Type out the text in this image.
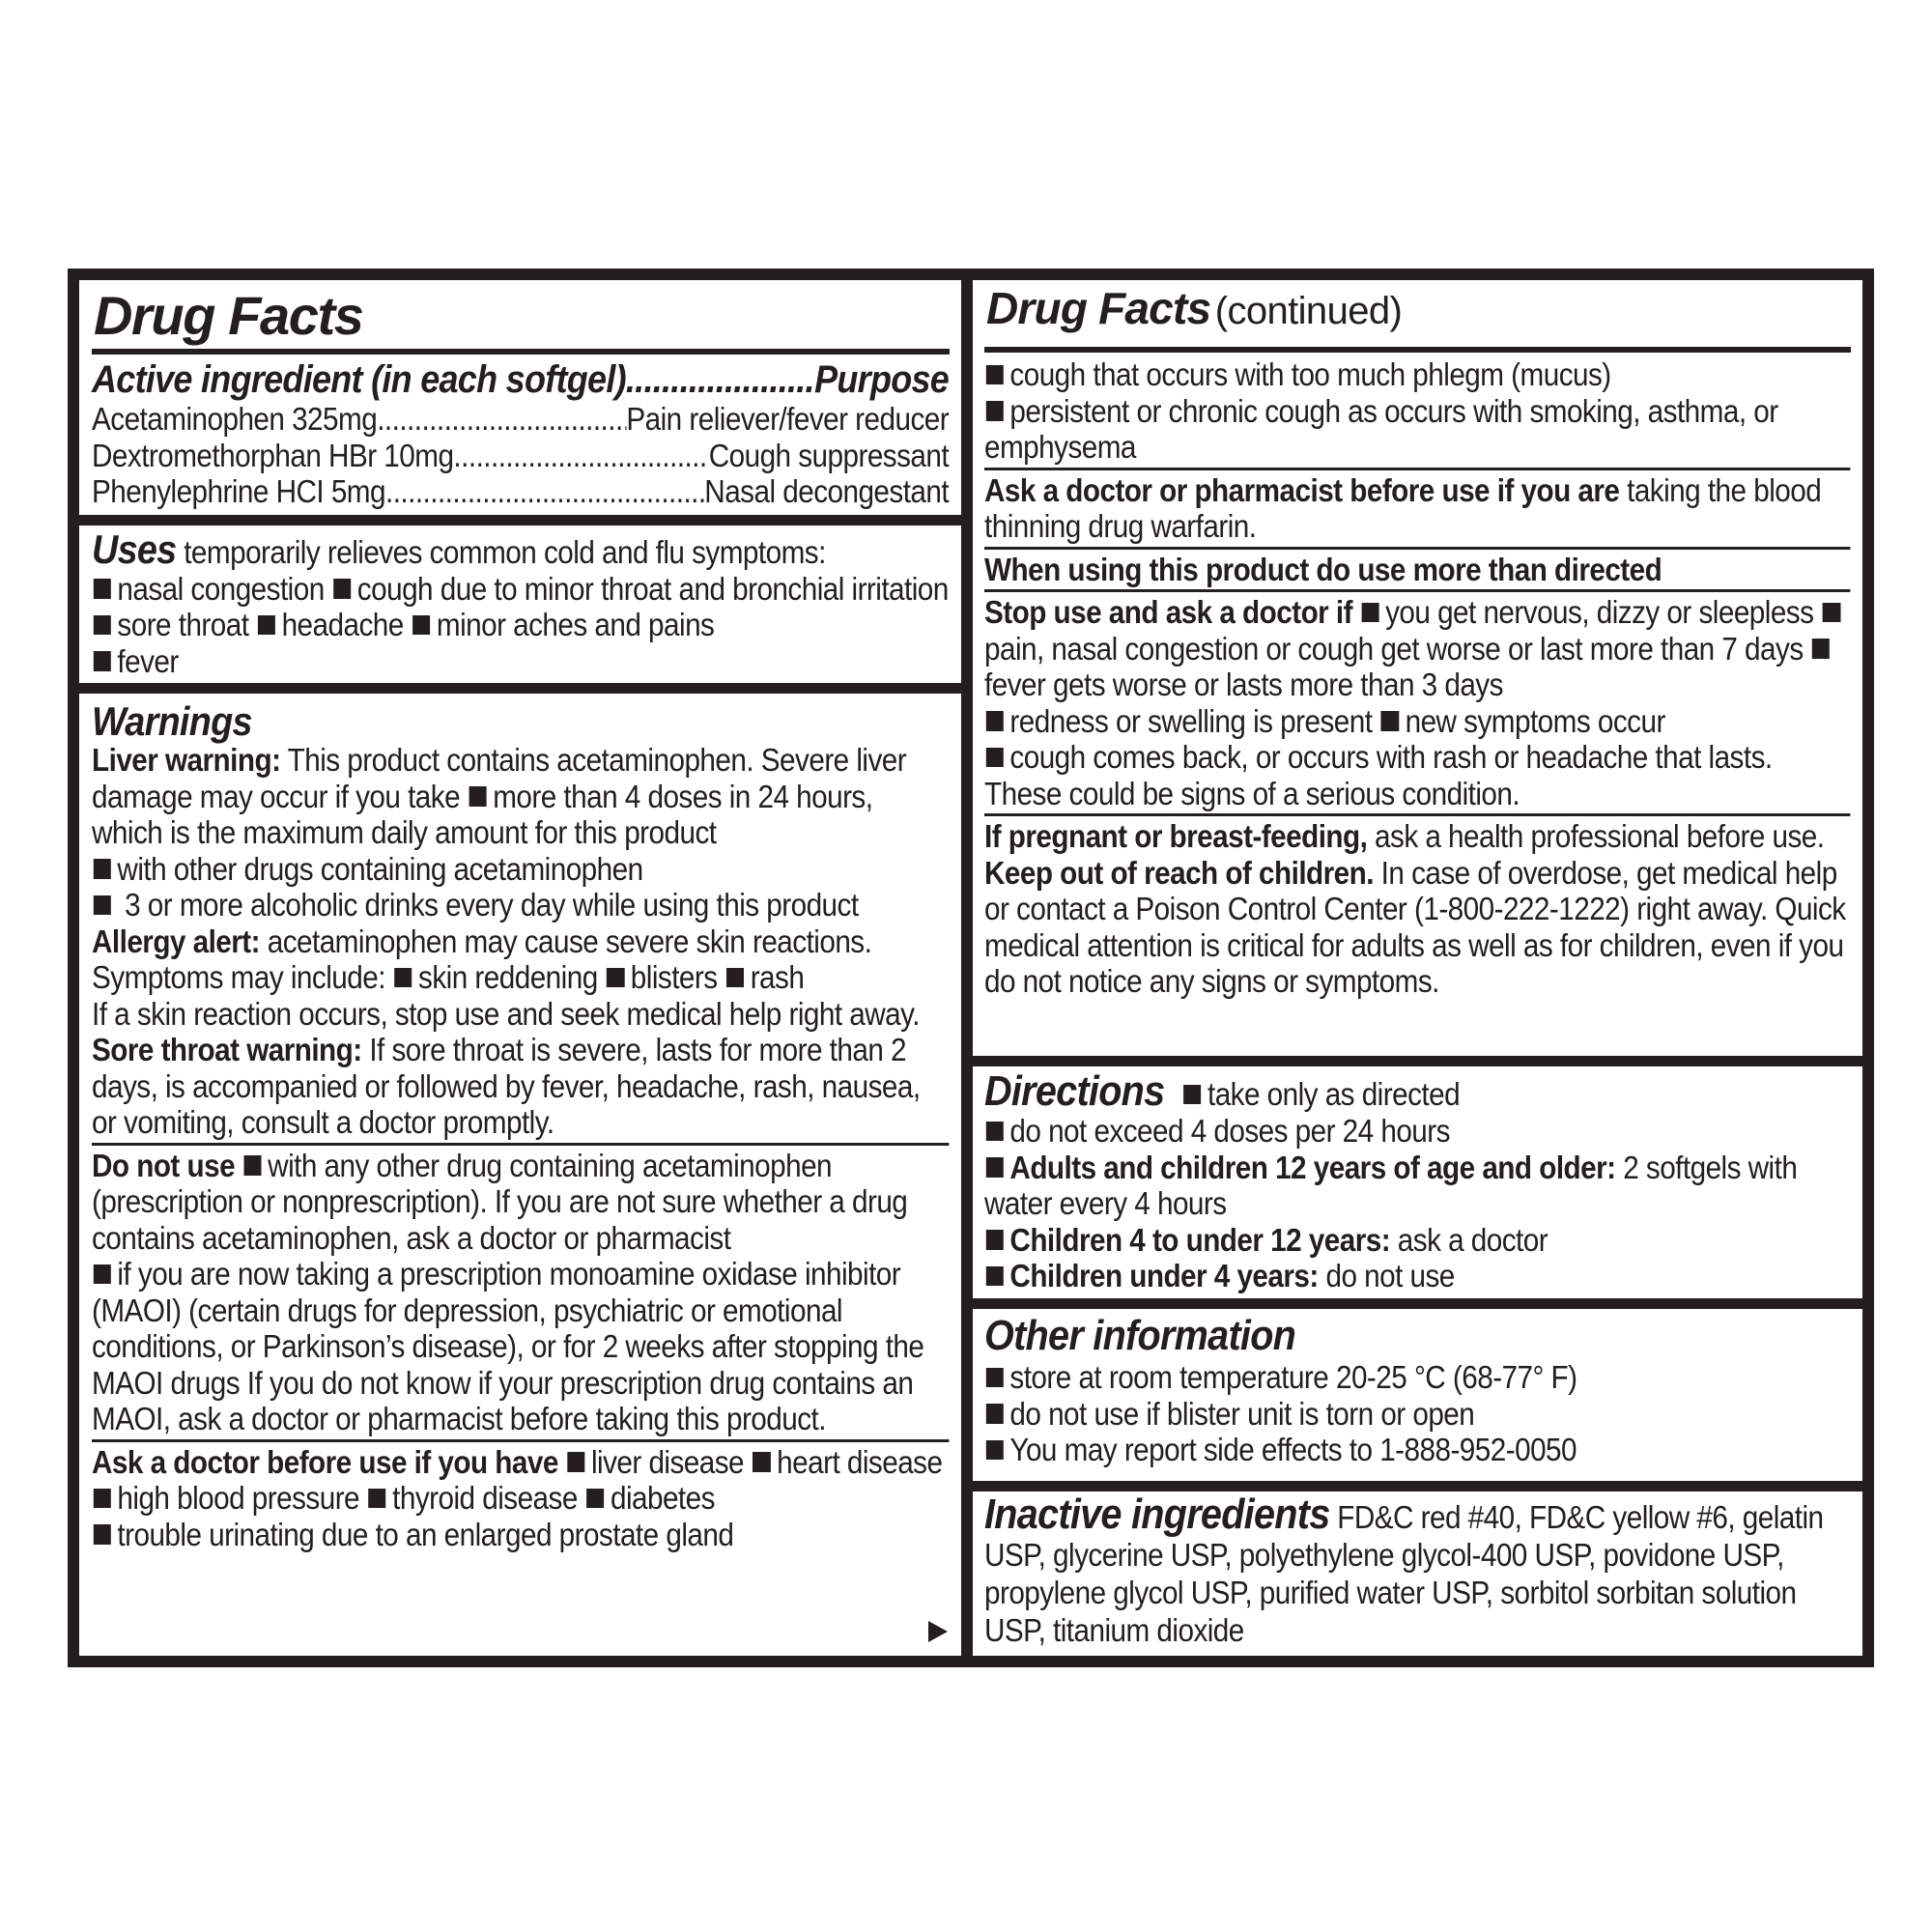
Drug Facts
Active ingredient (in each softgel) .....	Purpose
Acetaminophen 325mg .....	Pain reliever/fever reducer
Dextromethorphan HBr 10mg .....	Cough suppressant
Phenylephrine HCI 5mg .....	Nasal decongestant
Uses temporarily relieves common cold and flu symptoms:
nasal congestion cough due to minor throat and bronchial irritation sore throat headache minor aches and pains
fever
Warnings
Liver warning: This product contains acetaminophen. Severe liver damage may occur if you take more than 4 doses in 24 hours, which is the maximum daily amount for this product
with other drugs containing acetaminophen
3 or more alcoholic drinks every day while using this product
Allergy alert: acetaminophen may cause severe skin reactions. Symptoms may include: skin reddening blisters rash
If a skin reaction occurs, stop use and seek medical help right away.
Sore throat warning: If sore throat is severe, lasts for more than 2 days, is accompanied or followed by fever, headache, rash, nausea, or vomiting, consult a doctor promptly.
Do not use with any other drug containing acetaminophen (prescription or nonprescription). If you are not sure whether a drug contains acetaminophen, ask a doctor or pharmacist
if you are now taking a prescription monoamine oxidase inhibitor (MAOI) (certain drugs for depression, psychiatric or emotional conditions, or Parkinson’s disease), or for 2 weeks after stopping the MAOI drugs If you do not know if your prescription drug contains an MAOI, ask a doctor or pharmacist before taking this product.
Ask a doctor before use if you have liver disease heart disease high blood pressure thyroid disease diabetes
trouble urinating due to an enlarged prostate gland
Drug Facts (continued)
cough that occurs with too much phlegm (mucus)
persistent or chronic cough as occurs with smoking, asthma, or emphysema
Ask a doctor or pharmacist before use if you are taking the blood thinning drug warfarin.
When using this product do use more than directed
Stop use and ask a doctor if you get nervous, dizzy or sleepless pain, nasal congestion or cough get worse or last more than 7 days fever gets worse or lasts more than 3 days
redness or swelling is present new symptoms occur
cough comes back, or occurs with rash or headache that lasts. These could be signs of a serious condition.
If pregnant or breast-feeding, ask a health professional before use. Keep out of reach of children. In case of overdose, get medical help or contact a Poison Control Center (1-800-222-1222) right away. Quick medical attention is critical for adults as well as for children, even if you do not notice any signs or symptoms.
Directions take only as directed
do not exceed 4 doses per 24 hours
Adults and children 12 years of age and older: 2 softgels with water every 4 hours
Children 4 to under 12 years: ask a doctor
Children under 4 years: do not use
Other information
store at room temperature 20-25 °C (68-77° F)
do not use if blister unit is torn or open
You may report side effects to 1-888-952-0050
Inactive ingredients FD&C red #40, FD&C yellow #6, gelatin USP, glycerine USP, polyethylene glycol-400 USP, povidone USP, propylene glycol USP, purified water USP, sorbitol sorbitan solution USP, titanium dioxide
